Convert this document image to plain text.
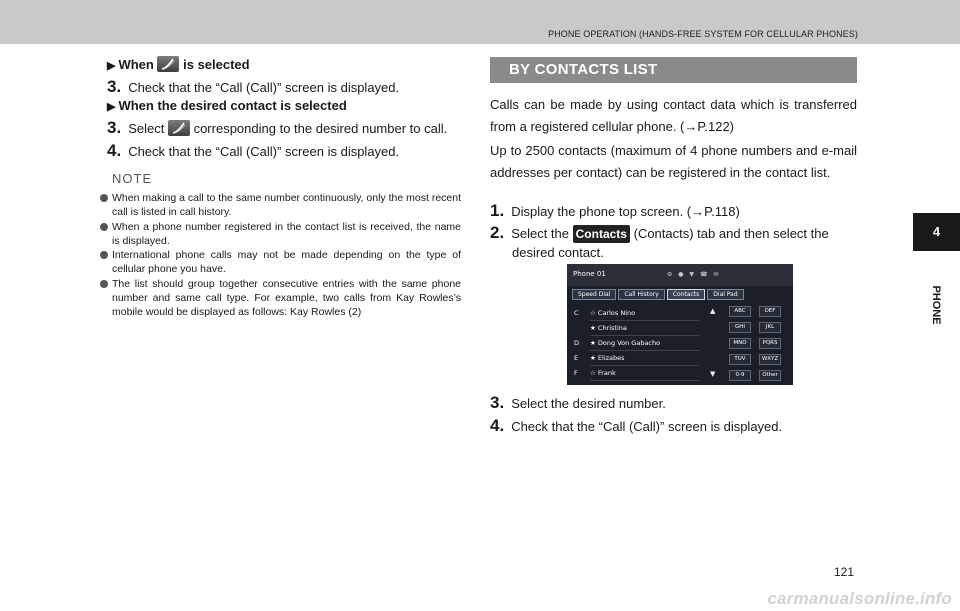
PHONE OPERATION (HANDS-FREE SYSTEM FOR CELLULAR PHONES)
4
PHONE
▶ When is selected
3. Check that the “Call (Call)” screen is displayed.
▶ When the desired contact is selected
3. Select corresponding to the desired number to call.
4. Check that the “Call (Call)” screen is displayed.
NOTE
When making a call to the same number continuously, only the most recent call is listed in call history.
When a phone number registered in the contact list is received, the name is displayed.
International phone calls may not be made depending on the type of cellular phone you have.
The list should group together consecutive entries with the same phone number and same call type. For example, two calls from Kay Rowles’s mobile would be displayed as follows: Kay Rowles (2)
BY CONTACTS LIST
Calls can be made by using contact data which is transferred from a registered cellular phone. (→P.122)
Up to 2500 contacts (maximum of 4 phone numbers and e-mail addresses per contact) can be registered in the contact list.
1. Display the phone top screen. (→P.118)
2. Select the Contacts (Contacts) tab and then select the
desired contact.
Phone 01	⚙ ● ▼ ☎ ✉
Speed Dial	Call History	Contacts	Dial Pad
C	☆ Carlos Nino
★ Christina
D	★ Dong Von Gabacho
E	★ Elizabes
F	☆ Frank
▲
▼
ABC	DEF
GHI	JKL
MNO	PQRS
TUV	WXYZ
0-9	Other
3. Select the desired number.
4. Check that the “Call (Call)” screen is displayed.
121
carmanualsonline.info
